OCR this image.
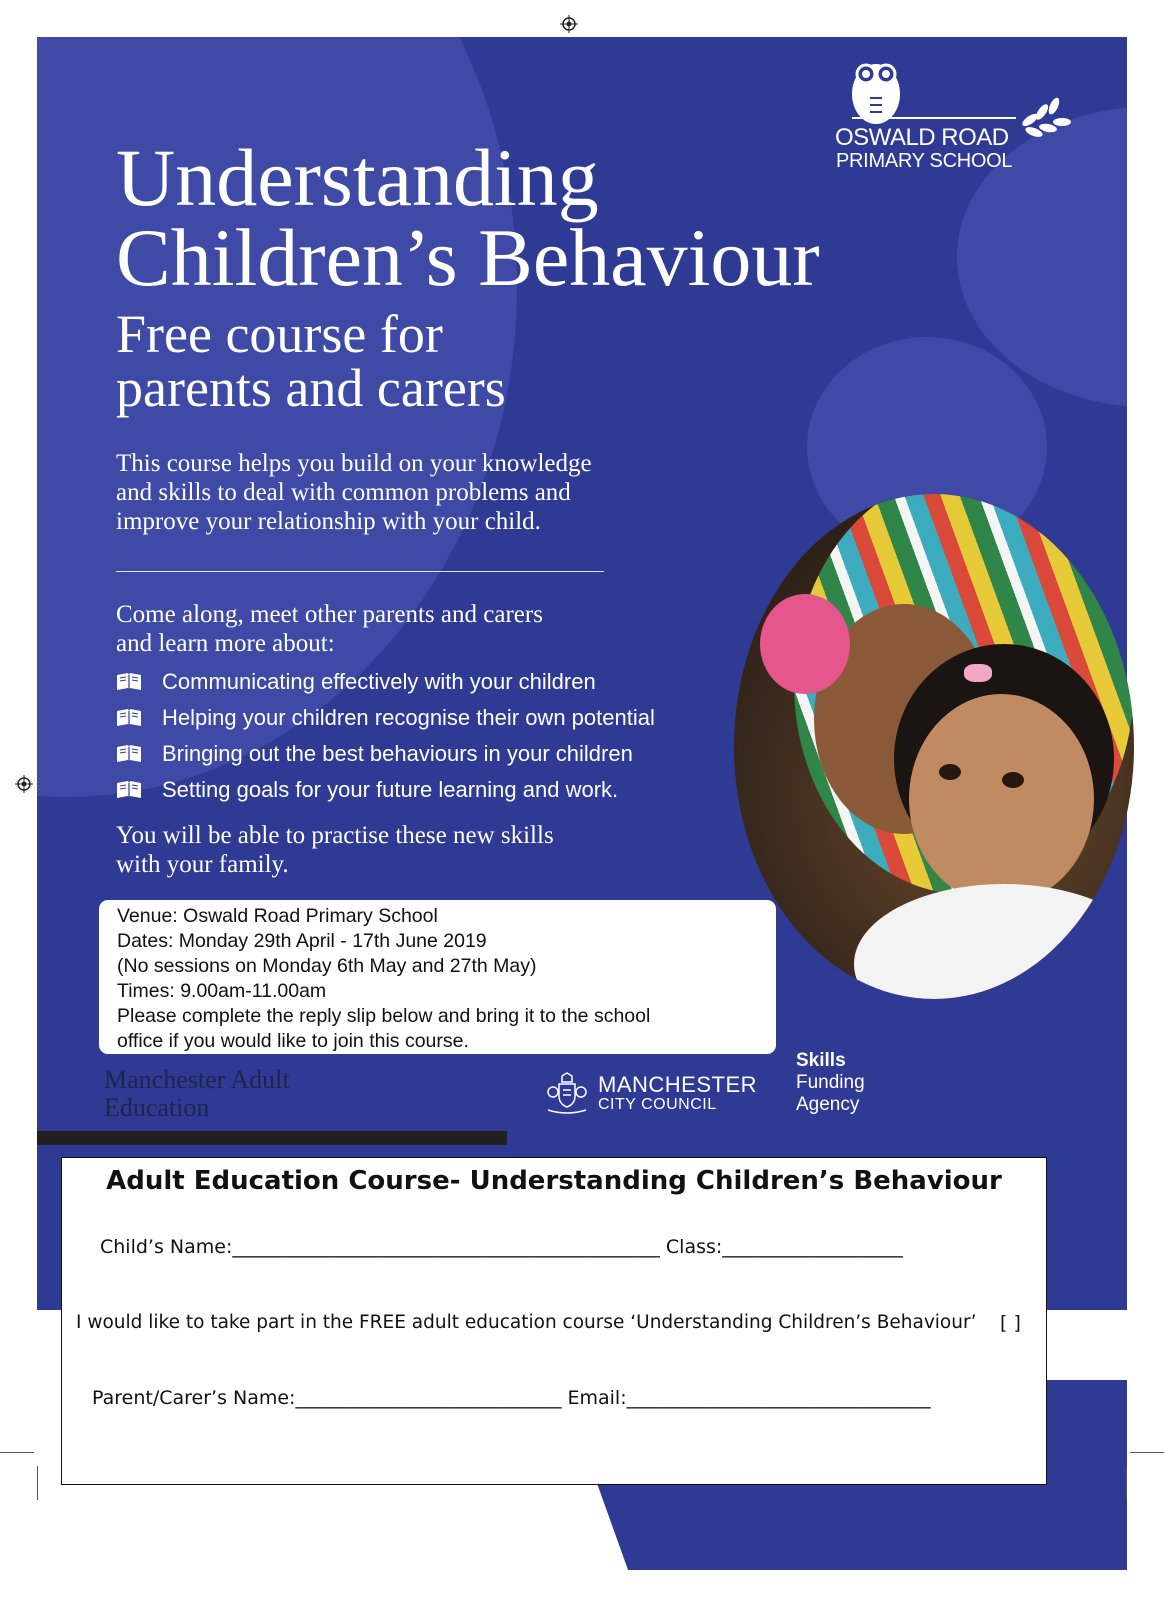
OSWALD ROAD
PRIMARY SCHOOL
Understanding
Children’s Behaviour
Free course for
parents and carers
This course helps you build on your knowledge
and skills to deal with common problems and
improve your relationship with your child.
Come along, meet other parents and carers
and learn more about:
Communicating effectively with your children
Helping your children recognise their own potential
Bringing out the best behaviours in your children
Setting goals for your future learning and work.
You will be able to practise these new skills
with your family.
Venue: Oswald Road Primary School
Dates: Monday 29th April - 17th June 2019
(No sessions on Monday 6th May and 27th May)
Times: 9.00am-11.00am
Please complete the reply slip below and bring it to the school
office if you would like to join this course.
Manchester Adult
Education
MANCHESTER
CITY COUNCIL
Skills
Funding
Agency
Adult Education Course- Understanding Children’s Behaviour
Child’s Name:_____________________________________________ Class:___________________
I would like to take part in the FREE adult education course ‘Understanding Children’s Behaviour’ [ ]
Parent/Carer’s Name:____________________________ Email:________________________________
